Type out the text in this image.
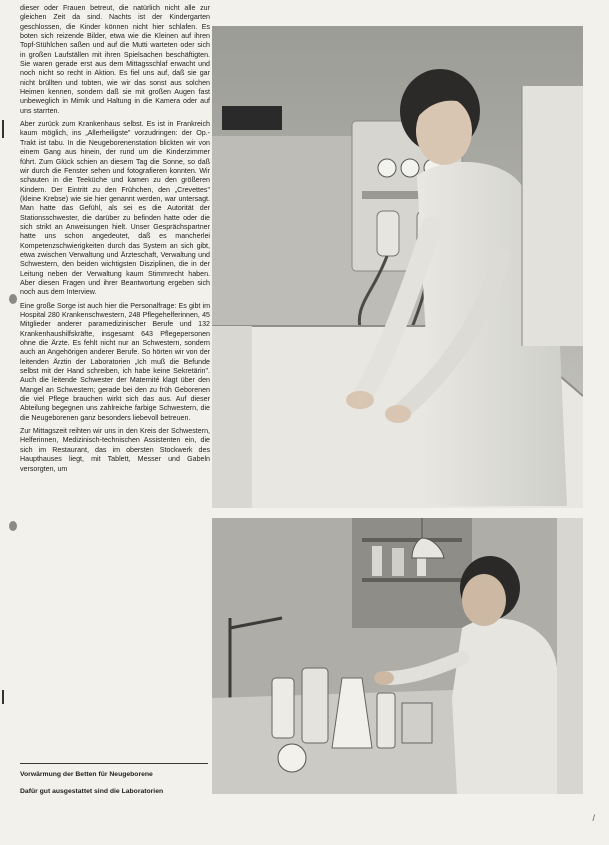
dieser oder Frauen betreut, die natürlich nicht alle zur gleichen Zeit da sind. Nachts ist der Kindergarten geschlossen, die Kinder können nicht hier schlafen. Es boten sich reizende Bilder, etwa wie die Kleinen auf ihren Topf-Stühlchen saßen und auf die Mutti warteten oder sich in großen Laufställen mit ihren Spielsachen beschäftigten. Sie waren gerade erst aus dem Mittagsschlaf erwacht und noch nicht so recht in Aktion. Es fiel uns auf, daß sie gar nicht brüllten und tobten, wie wir das sonst aus solchen Heimen kennen, sondern daß sie mit großen Augen fast unbeweglich in Mimik und Haltung in die Kamera oder auf uns starrten.

Aber zurück zum Krankenhaus selbst. Es ist in Frankreich kaum möglich, ins „Allerheiligste" vorzudringen: der Op.-Trakt ist tabu. In die Neugeborenenstation blickten wir von einem Gang aus hinein, der rund um die Kinderzimmer führt. Zum Glück schien an diesem Tag die Sonne, so daß wir durch die Fenster sehen und fotografieren konnten. Wir schauten in die Teeküche und kamen zu den größeren Kindern. Der Eintritt zu den Frühchen, den „Crevettes" (kleine Krebse) wie sie hier genannt werden, war untersagt. Man hatte das Gefühl, als sei es die Autorität der Stationsschwester, die darüber zu befinden hatte oder die sich strikt an Anweisungen hielt. Unser Gesprächspartner hatte uns schon angedeutet, daß es mancherlei Kompetenzschwierigkeiten durch das System an sich gibt, etwa zwischen Verwaltung und Ärzteschaft, Verwaltung und Schwestern, den beiden wichtigsten Disziplinen, die in der Leitung neben der Verwaltung kaum Stimmrecht haben. Aber diesen Fragen und ihrer Beantwortung ergeben sich noch aus dem Interview.

Eine große Sorge ist auch hier die Personalfrage: Es gibt im Hospital 280 Krankenschwestern, 248 Pflegehelferinnen, 45 Mitglieder anderer paramedizinischer Berufe und 132 Krankenhaushilfskräfte, insgesamt 643 Pflegepersonen ohne die Ärzte. Es fehlt nicht nur an Schwestern, sondern auch an Angehörigen anderer Berufe. So hörten wir von der leitenden Ärztin der Laboratorien „Ich muß die Befunde selbst mit der Hand schreiben, ich habe keine Sekretärin". Auch die leitende Schwester der Maternité klagt über den Mangel an Schwestern; gerade bei den zu früh Geborenen die viel Pflege brauchen wirkt sich das aus. Auf dieser Abteilung begegnen uns zahlreiche farbige Schwestern, die die Neugeborenen ganz besonders liebevoll betreuen.

Zur Mittagszeit reihten wir uns in den Kreis der Schwestern, Helferinnen, Medizinisch-technischen Assistenten ein, die sich im Restaurant, das im obersten Stockwerk des Haupthauses liegt, mit Tablett, Messer und Gabeln versorgten, um

Vorwärmung der Betten für Neugeborene
Dafür gut ausgestattet sind die Laboratorien
/
